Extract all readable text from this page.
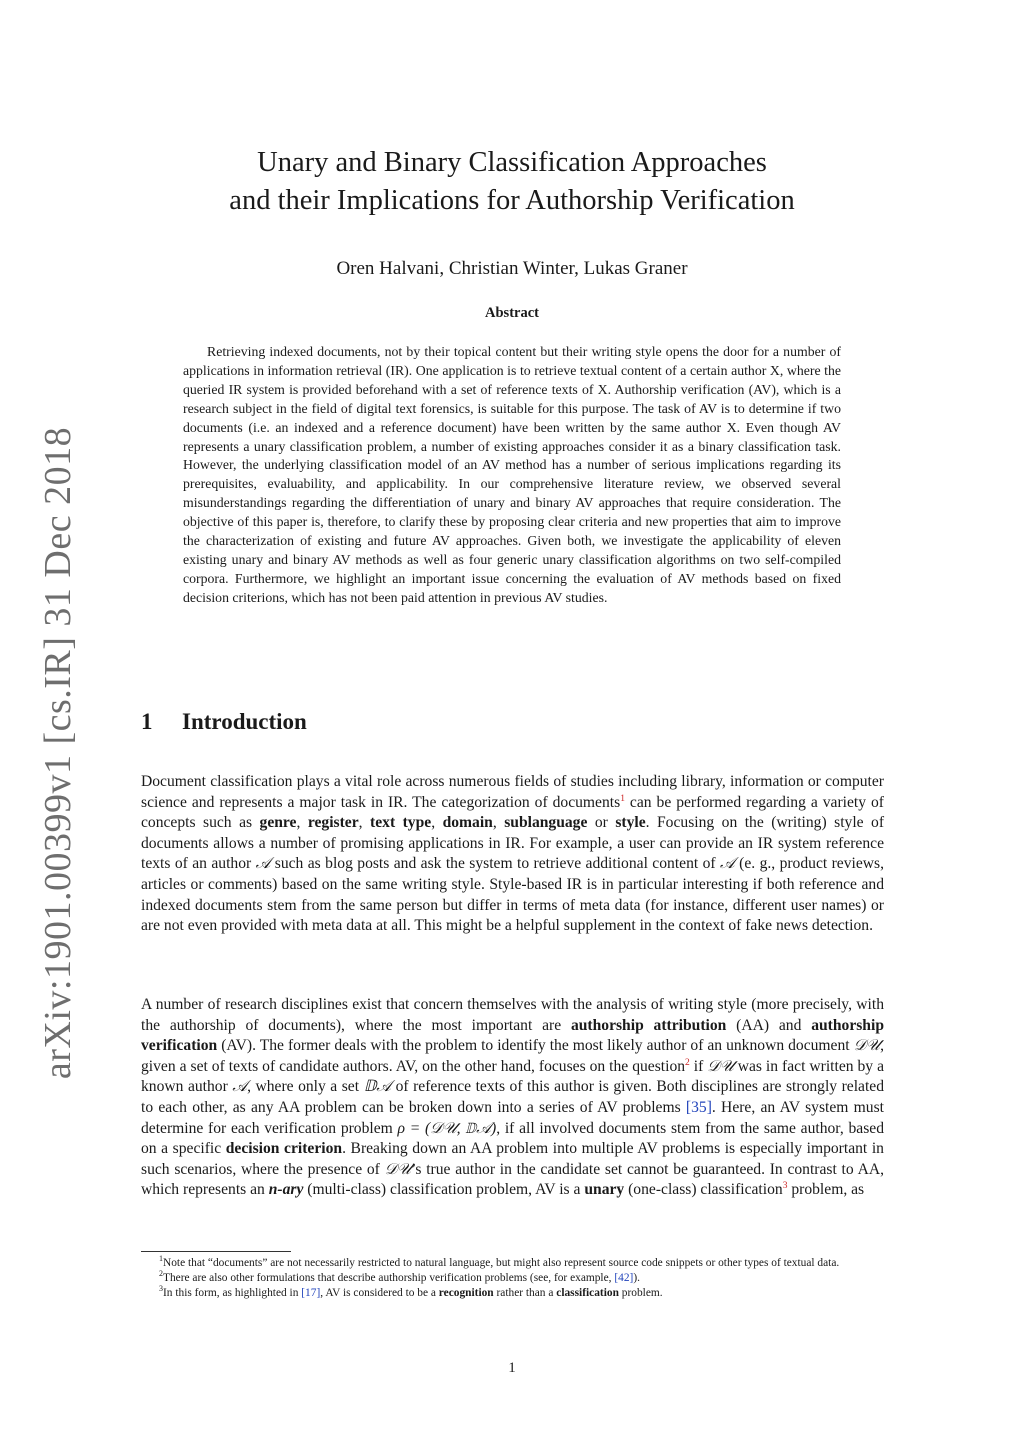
arXiv:1901.00399v1 [cs.IR] 31 Dec 2018
Unary and Binary Classification Approaches
and their Implications for Authorship Verification
Oren Halvani, Christian Winter, Lukas Graner
Abstract
Retrieving indexed documents, not by their topical content but their writing style opens the door for a number of applications in information retrieval (IR). One application is to retrieve textual content of a certain author X, where the queried IR system is provided beforehand with a set of reference texts of X. Authorship verification (AV), which is a research subject in the field of digital text forensics, is suitable for this purpose. The task of AV is to determine if two documents (i.e. an indexed and a reference document) have been written by the same author X. Even though AV represents a unary classification problem, a number of existing approaches consider it as a binary classification task. However, the underlying classification model of an AV method has a number of serious implications regarding its prerequisites, evaluability, and applicability. In our comprehensive literature review, we observed several misunderstandings regarding the differentiation of unary and binary AV approaches that require consideration. The objective of this paper is, therefore, to clarify these by proposing clear criteria and new properties that aim to improve the characterization of existing and future AV approaches. Given both, we investigate the applicability of eleven existing unary and binary AV methods as well as four generic unary classification algorithms on two self-compiled corpora. Furthermore, we highlight an important issue concerning the evaluation of AV methods based on fixed decision criterions, which has not been paid attention in previous AV studies.
1 Introduction

Document classification plays a vital role across numerous fields of studies including library, information or computer science and represents a major task in IR. The categorization of documents$^1$ can be performed regarding a variety of concepts such as genre, register, text type, domain, sublanguage or style. Focusing on the (writing) style of documents allows a number of promising applications in IR. For example, a user can provide an IR system reference texts of an author 𝒜 such as blog posts and ask the system to retrieve additional content of 𝒜 (e. g., product reviews, articles or comments) based on the same writing style. Style-based IR is in particular interesting if both reference and indexed documents stem from the same person but differ in terms of meta data (for instance, different user names) or are not even provided with meta data at all. This might be a helpful supplement in the context of fake news detection.

A number of research disciplines exist that concern themselves with the analysis of writing style (more precisely, with the authorship of documents), where the most important are authorship attribution (AA) and authorship verification (AV). The former deals with the problem to identify the most likely author of an unknown document 𝒟𝒰, given a set of texts of candidate authors. AV, on the other hand, focuses on the question$^2$ if 𝒟𝒰 was in fact written by a known author 𝒜, where only a set 𝔻𝒜 of reference texts of this author is given. Both disciplines are strongly related to each other, as any AA problem can be broken down into a series of AV problems [35]. Here, an AV system must determine for each verification problem ρ = (𝒟𝒰, 𝔻𝒜), if all involved documents stem from the same author, based on a specific decision criterion. Breaking down an AA problem into multiple AV problems is especially important in such scenarios, where the presence of 𝒟𝒰’s true author in the candidate set cannot be guaranteed. In contrast to AA, which represents an n-ary (multi-class) classification problem, AV is a unary (one-class) classification$^3$ problem, as

$^1$Note that “documents” are not necessarily restricted to natural language, but might also represent source code snippets or other types of textual data.
$^2$There are also other formulations that describe authorship verification problems (see, for example, [42]).
$^3$In this form, as highlighted in [17], AV is considered to be a recognition rather than a classification problem.
1
